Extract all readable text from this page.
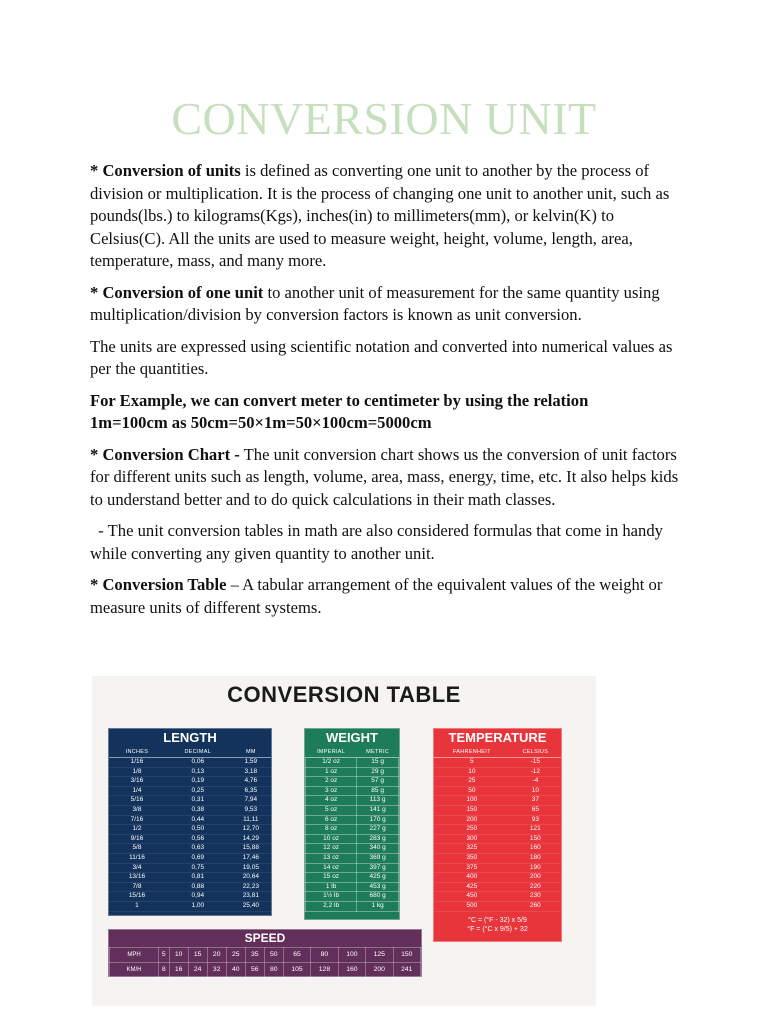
CONVERSION UNIT

* Conversion of units is defined as converting one unit to another by the process of division or multiplication. It is the process of changing one unit to another unit, such as pounds(lbs.) to kilograms(Kgs), inches(in) to millimeters(mm), or kelvin(K) to Celsius(C). All the units are used to measure weight, height, volume, length, area, temperature, mass, and many more.

* Conversion of one unit to another unit of measurement for the same quantity using multiplication/division by conversion factors is known as unit conversion.

The units are expressed using scientific notation and converted into numerical values as per the quantities.

For Example, we can convert meter to centimeter by using the relation
1m=100cm as 50cm=50×1m=50×100cm=5000cm

* Conversion Chart - The unit conversion chart shows us the conversion of unit factors for different units such as length, volume, area, mass, energy, time, etc. It also helps kids to understand better and to do quick calculations in their math classes.

- The unit conversion tables in math are also considered formulas that come in handy while converting any given quantity to another unit.

* Conversion Table – A tabular arrangement of the equivalent values of the weight or measure units of different systems.

CONVERSION TABLE
LENGTH
INCHES	DECIMAL	MM
1/16	0,06	1,59
1/8	0,13	3,18
3/16	0,19	4,76
1/4	0,25	6,35
5/16	0,31	7,94
3/8	0,38	9,53
7/16	0,44	11,11
1/2	0,50	12,70
9/16	0,56	14,29
5/8	0,63	15,88
11/16	0,69	17,46
3/4	0,75	19,05
13/16	0,81	20,64
7/8	0,88	22,23
15/16	0,94	23,81
1	1,00	25,40
WEIGHT
IMPERIAL	METRIC
1/2 oz	15 g
1 oz	29 g
2 oz	57 g
3 oz	85 g
4 oz	113 g
5 oz	141 g
6 oz	170 g
8 oz	227 g
10 oz	283 g
12 oz	340 g
13 oz	369 g
14 oz	397 g
15 oz	425 g
1 lb	453 g
1½ lb	680 g
2,2 lb	1 kg
TEMPERATURE
FAHRENHEIT	CELSIUS
5	-15
10	-12
25	-4
50	10
100	37
150	65
200	93
250	121
300	150
325	160
350	180
375	190
400	200
425	220
450	230
500	260
°C = (°F - 32) x 5/9
°F = (°C x 9/5) + 32
SPEED
MPH	5	10	15	20	25	35	50	65	80	100	125	150
KM/H	8	16	24	32	40	56	80	105	128	160	200	241
